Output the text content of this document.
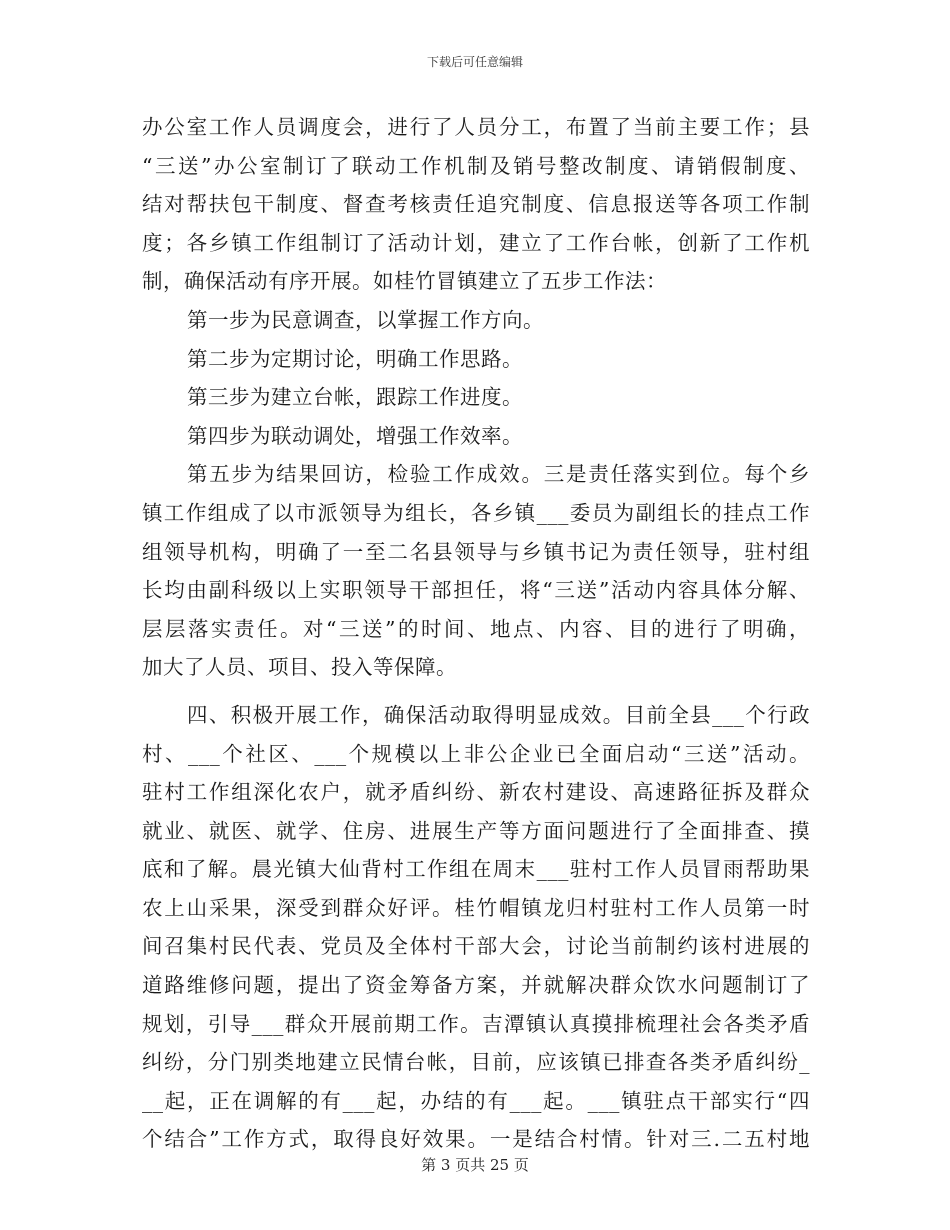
下载后可任意编辑
办公室工作人员调度会，进行了人员分工，布置了当前主要工作；县
“三送”办公室制订了联动工作机制及销号整改制度、请销假制度、
结对帮扶包干制度、督查考核责任追究制度、信息报送等各项工作制
度；各乡镇工作组制订了活动计划，建立了工作台帐，创新了工作机
制，确保活动有序开展。如桂竹冒镇建立了五步工作法：
第一步为民意调查，以掌握工作方向。
第二步为定期讨论，明确工作思路。
第三步为建立台帐，跟踪工作进度。
第四步为联动调处，增强工作效率。
第五步为结果回访，检验工作成效。三是责任落实到位。每个乡
镇工作组成了以市派领导为组长，各乡镇___委员为副组长的挂点工作
组领导机构，明确了一至二名县领导与乡镇书记为责任领导，驻村组
长均由副科级以上实职领导干部担任，将“三送”活动内容具体分解、
层层落实责任。对“三送”的时间、地点、内容、目的进行了明确，
加大了人员、项目、投入等保障。
四、积极开展工作，确保活动取得明显成效。目前全县___个行政
村、___个社区、___个规模以上非公企业已全面启动“三送”活动。
驻村工作组深化农户，就矛盾纠纷、新农村建设、高速路征拆及群众
就业、就医、就学、住房、进展生产等方面问题进行了全面排查、摸
底和了解。晨光镇大仙背村工作组在周末___驻村工作人员冒雨帮助果
农上山采果，深受到群众好评。桂竹帽镇龙归村驻村工作人员第一时
间召集村民代表、党员及全体村干部大会，讨论当前制约该村进展的
道路维修问题，提出了资金筹备方案，并就解决群众饮水问题制订了
规划，引导___群众开展前期工作。吉潭镇认真摸排梳理社会各类矛盾
纠纷，分门别类地建立民情台帐，目前，应该镇已排查各类矛盾纠纷_
__起，正在调解的有___起，办结的有___起。___镇驻点干部实行“四
个结合”工作方式，取得良好效果。一是结合村情。针对三.二五村地
第 3 页共 25 页
